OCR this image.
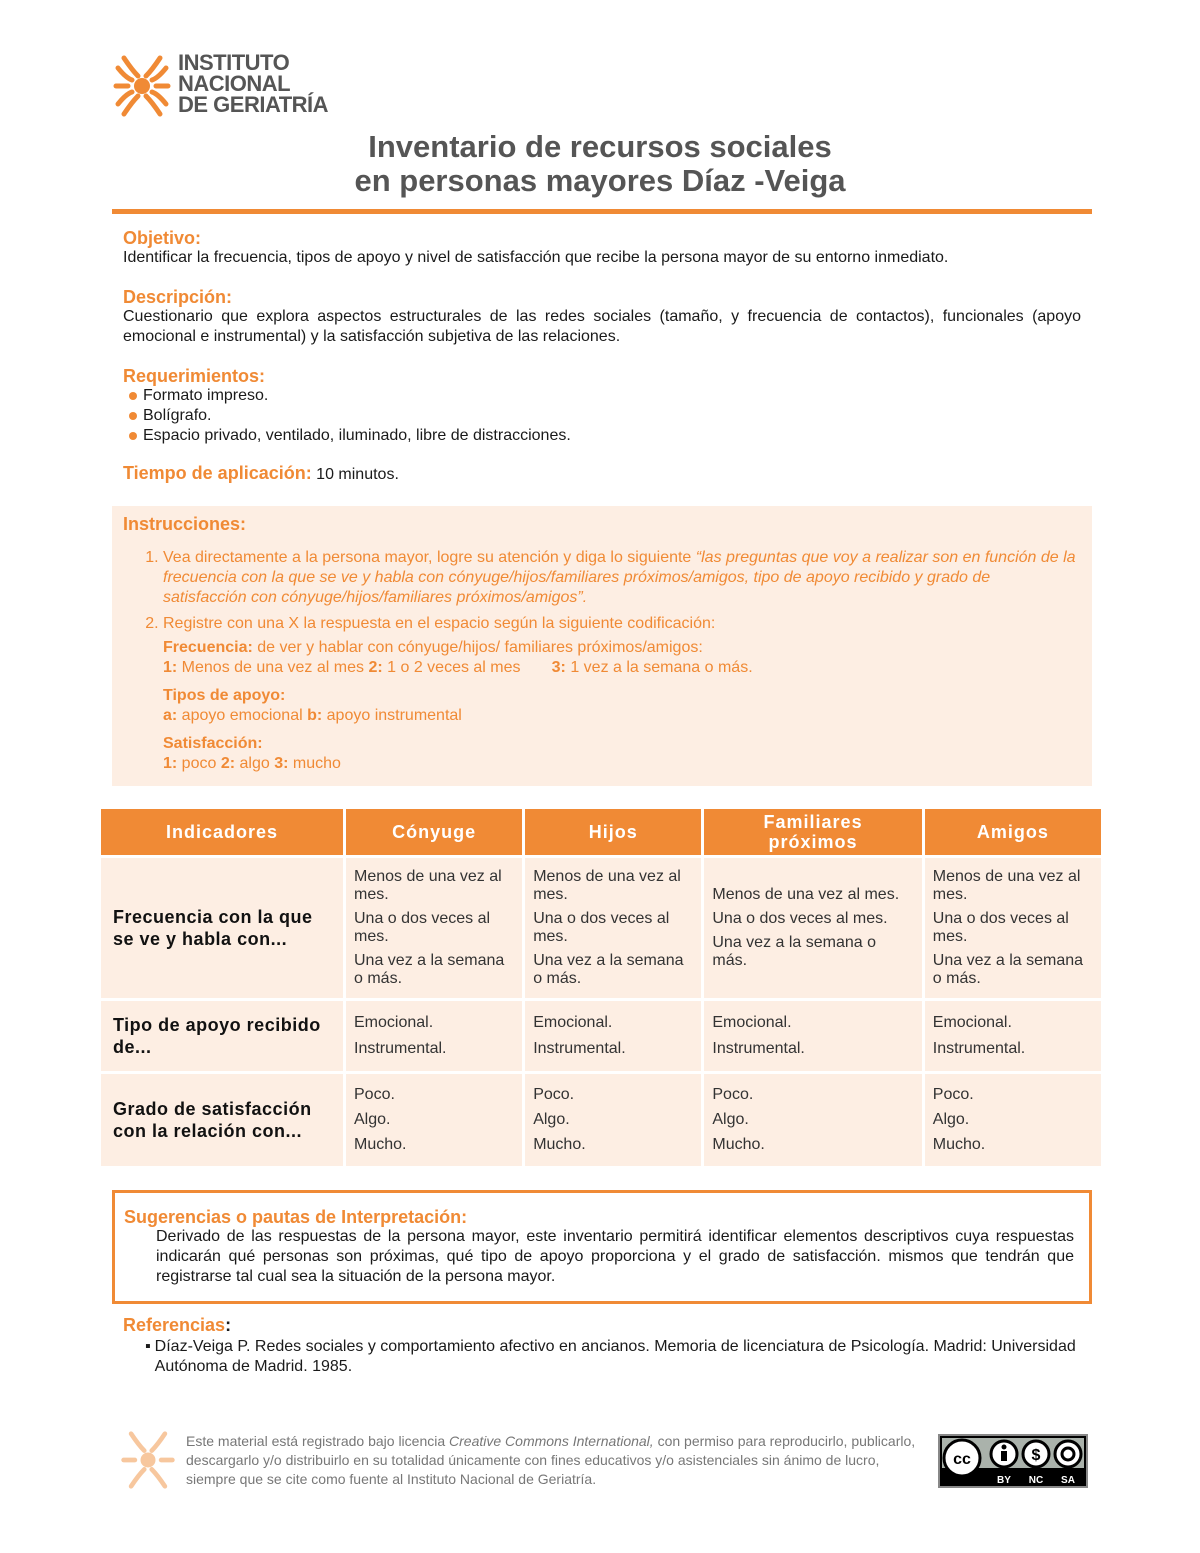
INSTITUTO
NACIONAL
DE GERIATRÍA
Inventario de recursos sociales
en personas mayores Díaz -Veiga
Objetivo:
Identificar la frecuencia, tipos de apoyo y nivel de satisfacción que recibe la persona mayor de su entorno inmediato.
Descripción:
Cuestionario que explora aspectos estructurales de las redes sociales (tamaño, y frecuencia de contactos), funcionales (apoyo emocional e instrumental) y la satisfacción subjetiva de las relaciones.
Requerimientos:
Formato impreso.
Bolígrafo.
Espacio privado, ventilado, iluminado, libre de distracciones.
Tiempo de aplicación: 10 minutos.
Instrucciones:
1. Vea directamente a la persona mayor, logre su atención y diga lo siguiente “las preguntas que voy a realizar son en función de la frecuencia con la que se ve y habla con cónyuge/hijos/familiares próximos/amigos, tipo de apoyo recibido y grado de satisfacción con cónyuge/hijos/familiares próximos/amigos”.
2. Registre con una X la respuesta en el espacio según la siguiente codificación:
Frecuencia: de ver y hablar con cónyuge/hijos/ familiares próximos/amigos:
1: Menos de una vez al mes 2: 1 o 2 veces al mes       3: 1 vez a la semana o más.
Tipos de apoyo:
a: apoyo emocional b: apoyo instrumental
Satisfacción:
1: poco 2: algo 3: mucho
Indicadores	Cónyuge	Hijos	Familiares próximos	Amigos
Frecuencia con la que se ve y habla con...	Menos de una vez al mes.
Una o dos veces al mes.
Una vez a la semana o más.	Menos de una vez al mes.
Una o dos veces al mes.
Una vez a la semana o más.	Menos de una vez al mes.
Una o dos veces al mes.
Una vez a la semana o más.	Menos de una vez al mes.
Una o dos veces al mes.
Una vez a la semana o más.

Tipo de apoyo recibido de...	Emocional.
Instrumental.	Emocional.
Instrumental.	Emocional.
Instrumental.	Emocional.
Instrumental.

Grado de satisfacción con la relación con...	Poco.
Algo.
Mucho.	Poco.
Algo.
Mucho.	Poco.
Algo.
Mucho.	Poco.
Algo.
Mucho.
Sugerencias o pautas de Interpretación:
Derivado de las respuestas de la persona mayor, este inventario permitirá identificar elementos descriptivos cuya respuestas indicarán qué personas son próximas, qué tipo de apoyo proporciona y el grado de satisfacción. mismos que tendrán que registrarse tal cual sea la situación de la persona mayor.
Referencias:
▪ Díaz-Veiga P. Redes sociales y comportamiento afectivo en ancianos. Memoria de licenciatura de Psicología. Madrid: Universidad Autónoma de Madrid. 1985.
Este material está registrado bajo licencia Creative Commons International, con permiso para reproducirlo, publicarlo, descargarlo y/o distribuirlo en su totalidad únicamente con fines educativos y/o asistenciales sin ánimo de lucro, siempre que se cite como fuente al Instituto Nacional de Geriatría.
cc	$
BY NC SA
